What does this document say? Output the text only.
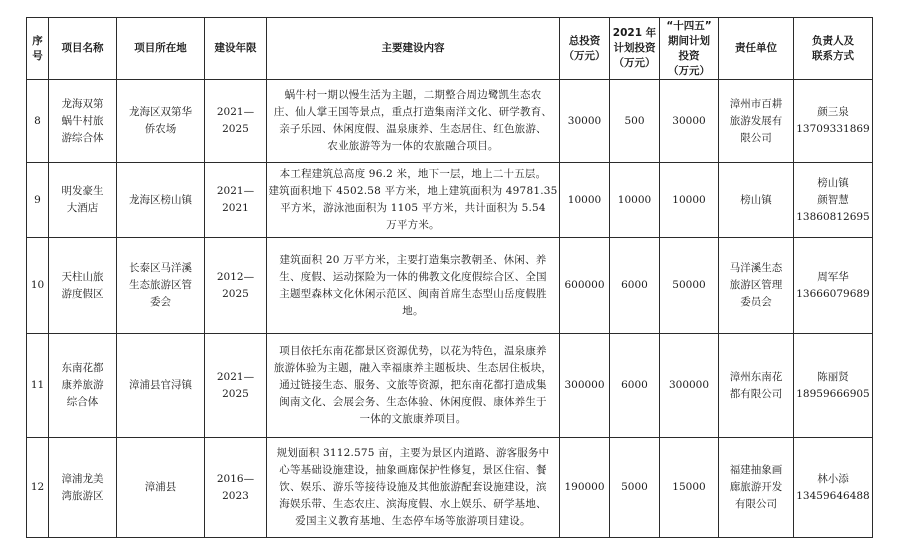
序
号	项目名称	项目所在地	建设年限	主要建设内容	总投资
（万元）	2021 年
计划投资
（万元）	“十四五”
期间计划
投资
（万元）	责任单位	负责人及
联系方式

8	龙海双第
蜗牛村旅
游综合体	龙海区双第华
侨农场	2021—
2025	蜗牛村一期以慢生活为主题，二期整合周边鹭凯生态农
庄、仙人掌王国等景点，重点打造集南洋文化、研学教育、
亲子乐园、休闲度假、温泉康养、生态居住、红色旅游、
农业旅游等为一体的农旅融合项目。	30000	500	30000	漳州市百耕
旅游发展有
限公司	颜三泉
13709331869

9	明发豪生
大酒店	龙海区榜山镇	2021—
2021	本工程建筑总高度 96.2 米，地下一层，地上二十五层。
建筑面积地下 4502.58 平方米，地上建筑面积为 49781.35
平方米，游泳池面积为 1105 平方米，共计面积为 5.54
万平方米。	10000	10000	10000	榜山镇	榜山镇
颜智慧
13860812695

10	天柱山旅
游度假区	长泰区马洋溪
生态旅游区管
委会	2012—
2025	建筑面积 20 万平方米，主要打造集宗教朝圣、休闲、养
生、度假、运动探险为一体的佛教文化度假综合区、全国
主题型森林文化休闲示范区、闽南首席生态型山岳度假胜
地。	600000	6000	50000	马洋溪生态
旅游区管理
委员会	周军华
13666079689

11	东南花都
康养旅游
综合体	漳浦县官浔镇	2021—
2025	项目依托东南花都景区资源优势，以花为特色，温泉康养
旅游体验为主题，融入幸福康养主题板块、生态居住板块，
通过链接生态、服务、文旅等资源，把东南花都打造成集
闽南文化、会展会务、生态体验、休闲度假、康体养生于
一体的文旅康养项目。	300000	6000	300000	漳州东南花
都有限公司	陈丽贤
18959666905

12	漳浦龙美
湾旅游区	漳浦县	2016—
2023	规划面积 3112.575 亩，主要为景区内道路、游客服务中
心等基础设施建设，抽象画廊保护性修复，景区住宿、餐
饮、娱乐、游乐等接待设施及其他旅游配套设施建设，滨
海娱乐带、生态农庄、滨海度假、水上娱乐、研学基地、
爱国主义教育基地、生态停车场等旅游项目建设。	190000	5000	15000	福建抽象画
廊旅游开发
有限公司	林小添
13459646488
